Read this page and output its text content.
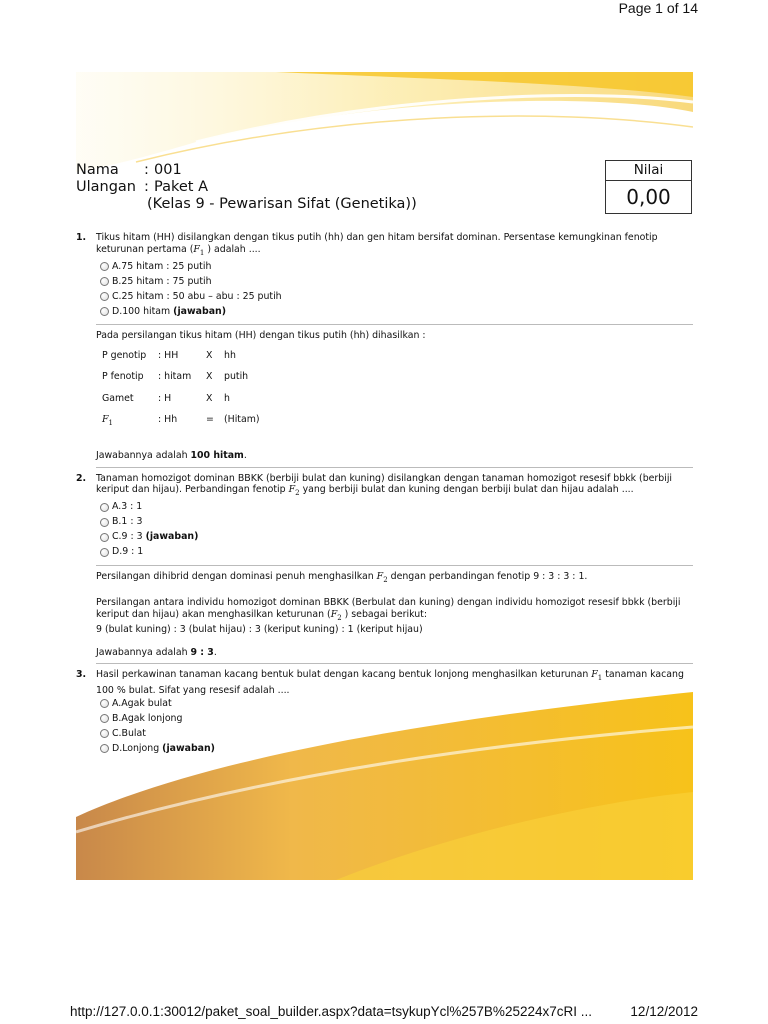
Page 1 of 14
Nama : 001
Ulangan : Paket A
(Kelas 9 - Pewarisan Sifat (Genetika))
Nilai
0,00
1. Tikus hitam (HH) disilangkan dengan tikus putih (hh) dan gen hitam bersifat dominan. Persentase kemungkinan fenotip keturunan pertama ($F_1$ ) adalah ....
A.75 hitam : 25 putih
B.25 hitam : 75 putih
C.25 hitam : 50 abu – abu : 25 putih
D.100 hitam
(jawaban)

Pada persilangan tikus hitam (HH) dengan tikus putih (hh) dihasilkan :

P genotip	: HH	X	hh
P fenotip	: hitam	X	putih
Gamet	: H	X	h
$F_1$	: Hh	=	(Hitam)

Jawabannya adalah 100 hitam.

2. Tanaman homozigot dominan BBKK (berbiji bulat dan kuning) disilangkan dengan tanaman homozigot resesif bbkk (berbiji keriput dan hijau). Perbandingan fenotip $F_2$ yang berbiji bulat dan kuning dengan berbiji bulat dan hijau adalah ....
A.3 : 1
B.1 : 3
C.9 : 3
(jawaban)
D.9 : 1

Persilangan dihibrid dengan dominasi penuh menghasilkan $F_2$ dengan perbandingan fenotip 9 : 3 : 3 : 1.

Persilangan antara individu homozigot dominan BBKK (Berbulat dan kuning) dengan individu homozigot resesif bbkk (berbiji keriput dan hijau) akan menghasilkan keturunan ($F_2$ ) sebagai berikut:

9 (bulat kuning) : 3 (bulat hijau) : 3 (keriput kuning) : 1 (keriput hijau)

Jawabannya adalah 9 : 3.

3. Hasil perkawinan tanaman kacang bentuk bulat dengan kacang bentuk lonjong menghasilkan keturunan $F_1$ tanaman kacang 100 % bulat. Sifat yang resesif adalah ....
A.Agak bulat
B.Agak lonjong
C.Bulat
D.Lonjong
(jawaban)
http://127.0.0.1:30012/paket_soal_builder.aspx?data=tsykupYcl%257B%25224x7cRI ...	12/12/2012
